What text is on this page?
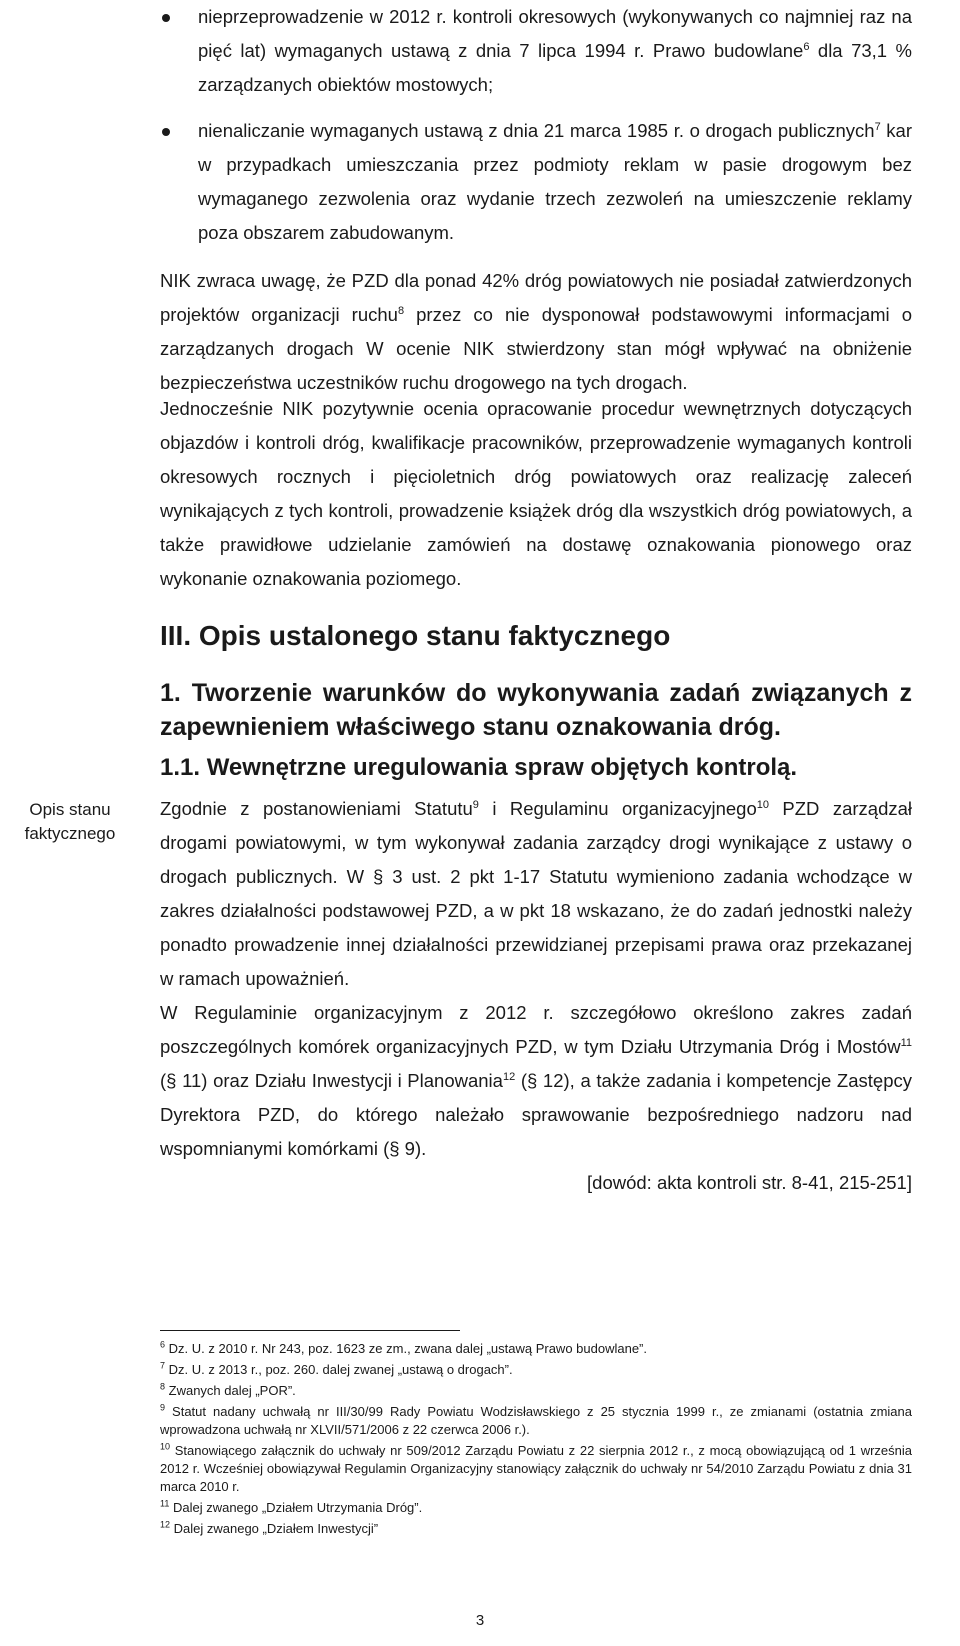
nieprzeprowadzenie w 2012 r. kontroli okresowych (wykonywanych co najmniej raz na pięć lat) wymaganych ustawą z dnia 7 lipca 1994 r. Prawo budowlane$^6$ dla 73,1 % zarządzanych obiektów mostowych;
nienaliczanie wymaganych ustawą z dnia 21 marca 1985 r. o drogach publicznych$^7$ kar w przypadkach umieszczania przez podmioty reklam w pasie drogowym bez wymaganego zezwolenia oraz wydanie trzech zezwoleń na umieszczenie reklamy poza obszarem zabudowanym.
NIK zwraca uwagę, że PZD dla ponad 42% dróg powiatowych nie posiadał zatwierdzonych projektów organizacji ruchu$^8$ przez co nie dysponował podstawowymi informacjami o zarządzanych drogach W ocenie NIK stwierdzony stan mógł wpływać na obniżenie bezpieczeństwa uczestników ruchu drogowego na tych drogach.
Jednocześnie NIK pozytywnie ocenia opracowanie procedur wewnętrznych dotyczących objazdów i kontroli dróg, kwalifikacje pracowników, przeprowadzenie wymaganych kontroli okresowych rocznych i pięcioletnich dróg powiatowych oraz realizację zaleceń wynikających z tych kontroli, prowadzenie książek dróg dla wszystkich dróg powiatowych, a także prawidłowe udzielanie zamówień na dostawę oznakowania pionowego oraz wykonanie oznakowania poziomego.
III. Opis ustalonego stanu faktycznego
1. Tworzenie warunków do wykonywania zadań związanych z zapewnieniem właściwego stanu oznakowania dróg.
1.1. Wewnętrzne uregulowania spraw objętych kontrolą.
Opis stanu
faktycznego
Zgodnie z postanowieniami Statutu$^9$ i Regulaminu organizacyjnego$^{10}$ PZD zarządzał drogami powiatowymi, w tym wykonywał zadania zarządcy drogi wynikające z ustawy o drogach publicznych. W § 3 ust. 2 pkt 1-17 Statutu wymieniono zadania wchodzące w zakres działalności podstawowej PZD, a w pkt 18 wskazano, że do zadań jednostki należy ponadto prowadzenie innej działalności przewidzianej przepisami prawa oraz przekazanej w ramach upoważnień.
W Regulaminie organizacyjnym z 2012 r. szczegółowo określono zakres zadań poszczególnych komórek organizacyjnych PZD, w tym Działu Utrzymania Dróg i Mostów$^{11}$ (§ 11) oraz Działu Inwestycji i Planowania$^{12}$ (§ 12), a także zadania i kompetencje Zastępcy Dyrektora PZD, do którego należało sprawowanie bezpośredniego nadzoru nad wspomnianymi komórkami (§ 9).
[dowód: akta kontroli str. 8-41, 215-251]
$^6$ Dz. U. z 2010 r. Nr 243, poz. 1623 ze zm., zwana dalej „ustawą Prawo budowlane”.
$^7$ Dz. U. z 2013 r., poz. 260. dalej zwanej „ustawą o drogach”.
$^8$ Zwanych dalej „POR”.
$^9$ Statut nadany uchwałą nr III/30/99 Rady Powiatu Wodzisławskiego z 25 stycznia 1999 r., ze zmianami (ostatnia zmiana wprowadzona uchwałą nr XLVII/571/2006 z 22 czerwca 2006 r.).
$^{10}$ Stanowiącego załącznik do uchwały nr 509/2012 Zarządu Powiatu z 22 sierpnia 2012 r., z mocą obowiązującą od 1 września 2012 r. Wcześniej obowiązywał Regulamin Organizacyjny stanowiący załącznik do uchwały nr 54/2010 Zarządu Powiatu z dnia 31 marca 2010 r.
$^{11}$ Dalej zwanego „Działem Utrzymania Dróg”.
$^{12}$ Dalej zwanego „Działem Inwestycji”
3
